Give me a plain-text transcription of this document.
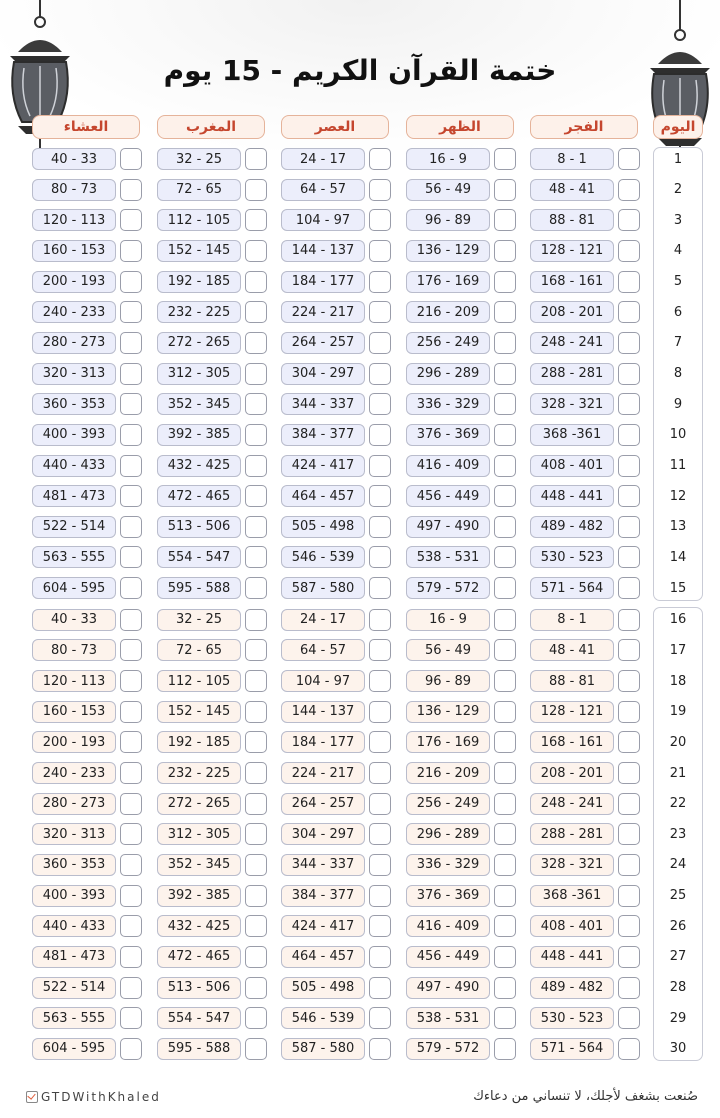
ختمة القرآن الكريم - 15 يوم
العشاء	المغرب	العصر	الظهر	الفجر	اليوم
40 - 33	32 - 25	24 - 17	16 - 9	8 - 1	1
80 - 73	72 - 65	64 - 57	56 - 49	48 - 41	2
120 - 113	112 - 105	104 - 97	96 - 89	88 - 81	3
160 - 153	152 - 145	144 - 137	136 - 129	128 - 121	4
200 - 193	192 - 185	184 - 177	176 - 169	168 - 161	5
240 - 233	232 - 225	224 - 217	216 - 209	208 - 201	6
280 - 273	272 - 265	264 - 257	256 - 249	248 - 241	7
320 - 313	312 - 305	304 - 297	296 - 289	288 - 281	8
360 - 353	352 - 345	344 - 337	336 - 329	328 - 321	9
400 - 393	392 - 385	384 - 377	376 - 369	368 -361	10
440 - 433	432 - 425	424 - 417	416 - 409	408 - 401	11
481 - 473	472 - 465	464 - 457	456 - 449	448 - 441	12
522 - 514	513 - 506	505 - 498	497 - 490	489 - 482	13
563 - 555	554 - 547	546 - 539	538 - 531	530 - 523	14
604 - 595	595 - 588	587 - 580	579 - 572	571 - 564	15
40 - 33	32 - 25	24 - 17	16 - 9	8 - 1	16
80 - 73	72 - 65	64 - 57	56 - 49	48 - 41	17
120 - 113	112 - 105	104 - 97	96 - 89	88 - 81	18
160 - 153	152 - 145	144 - 137	136 - 129	128 - 121	19
200 - 193	192 - 185	184 - 177	176 - 169	168 - 161	20
240 - 233	232 - 225	224 - 217	216 - 209	208 - 201	21
280 - 273	272 - 265	264 - 257	256 - 249	248 - 241	22
320 - 313	312 - 305	304 - 297	296 - 289	288 - 281	23
360 - 353	352 - 345	344 - 337	336 - 329	328 - 321	24
400 - 393	392 - 385	384 - 377	376 - 369	368 -361	25
440 - 433	432 - 425	424 - 417	416 - 409	408 - 401	26
481 - 473	472 - 465	464 - 457	456 - 449	448 - 441	27
522 - 514	513 - 506	505 - 498	497 - 490	489 - 482	28
563 - 555	554 - 547	546 - 539	538 - 531	530 - 523	29
604 - 595	595 - 588	587 - 580	579 - 572	571 - 564	30
GTDWithKhaled	صُنعت بشغف لأجلك، لا تنساني من دعاءك
